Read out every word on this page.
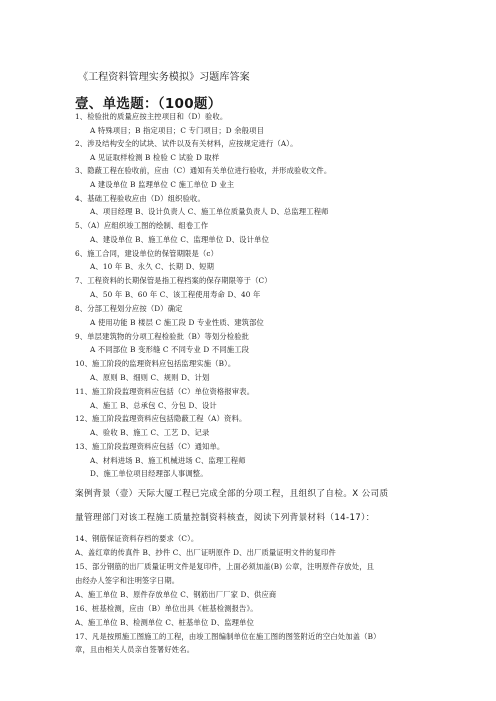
《工程资料管理实务模拟》习题库答案
壹、单选题：（100题）
1、检验批的质量应按主控项目和（D）验收。
A 特殊项目；B 指定项目；C 专门项目；D 余般项目
2、涉及结构安全的试块、试件以及有关材料，应按规定进行（A）。
A 见证取样检测 B 检验 C 试验 D 取样
3、隐蔽工程在验收前，应由（C）通知有关单位进行验收，并形成验收文件。
A 建设单位 B 监理单位 C 施工单位 D 业主
4、基础工程验收应由（D）组织验收。
A、项目经理 B、设计负责人 C、施工单位质量负责人 D、总监理工程师
5、（A）应组织竣工图的绘制、组卷工作
A、建设单位 B、施工单位 C、监理单位 D、设计单位
6、施工合同，建设单位的保管期限是（c）
A、10 年 B、永久 C、长期 D、短期
7、工程资料的长期保管是指工程档案的保存期限等于（C）
A、50 年 B、60 年 C、该工程使用寿命 D、40 年
8、分部工程划分应按（D）确定
A 使用功能 B 楼层 C 施工段 D 专业性质、建筑部位
9、单层建筑物的分项工程检验批（B）等划分检验批
A 不同部位 B 变形缝 C 不同专业 D 不同施工段
10、施工阶段的监理资料应包括监理实施（B）。
A、原则 B、细则 C、规则 D、计划
11、施工阶段监理资料应包括（C）单位资格报审表。
A、施工 B、总承包 C、分包 D、设计
12、施工阶段监理资料应包括隐蔽工程（A）资料。
A、验收 B、施工 C、工艺 D、记录
13、施工阶段监理资料应包括（C）通知单。
A、材料进场 B、施工机械进场 C、监理工程师
D、施工单位项目经理部人事调整。
案例背景（壹）天际大厦工程已完成全部的分项工程，且组织了自检。X 公司质
量管理部门对该工程施工质量控制资料核查，阅读下列背景材料（14-17）：
14、钢筋保证资料存档的要求（C）。
A、盖红章的传真件 B、抄件 C、出厂证明原件 D、出厂质量证明文件的复印件
15、部分钢筋的出厂质量证明文件是复印件，上面必须加盖(B) 公章，注明原件存放处，且
由经办人签字和注明签字日期。
A、施工单位 B、原件存放单位 C、钢筋出厂厂家 D、供应商
16、桩基检测，应由（B）单位出具《桩基检测报告》。
A、施工单位 B、检测单位 C、桩基单位 D、监理单位
17、凡是按照施工图施工的工程，由竣工图编制单位在施工图的图签附近的空白处加盖（B）
章，且由相关人员亲自签署好姓名。
